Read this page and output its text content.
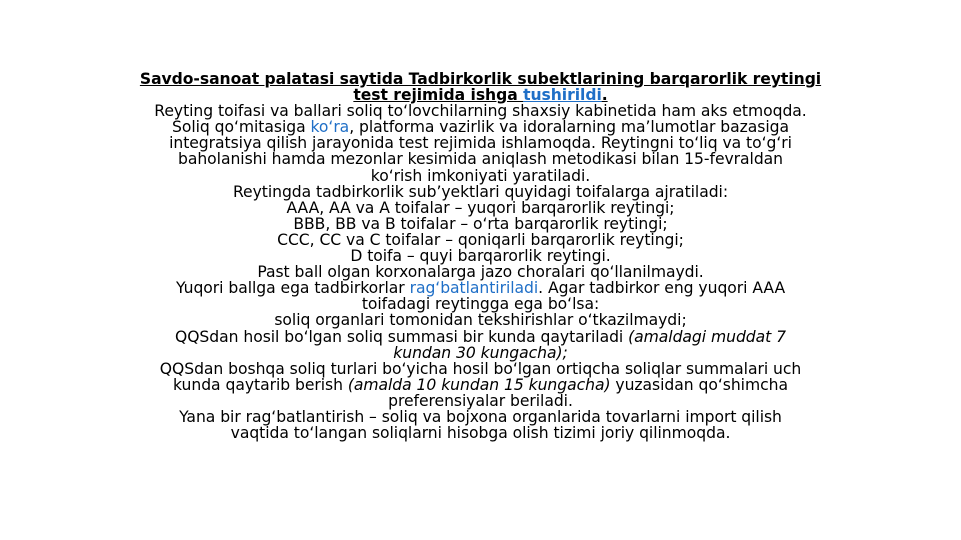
Savdo-sanoat palatasi saytida Tadbirkorlik subektlarining barqarorlik reytingi
test rejimida ishga tushirildi.
Reyting toifasi va ballari soliq to‘lovchilarning shaxsiy kabinetida ham aks etmoqda.
Soliq qo‘mitasiga ko‘ra, platforma vazirlik va idoralarning ma’lumotlar bazasiga
integratsiya qilish jarayonida test rejimida ishlamoqda. Reytingni to‘liq va to‘g‘ri
baholanishi hamda mezonlar kesimida aniqlash metodikasi bilan 15-fevraldan
ko‘rish imkoniyati yaratiladi.
Reytingda tadbirkorlik sub’yektlari quyidagi toifalarga ajratiladi:
AAA, AA va A toifalar – yuqori barqarorlik reytingi;
BBB, BB va B toifalar – o‘rta barqarorlik reytingi;
CCC, CC va C toifalar – qoniqarli barqarorlik reytingi;
D toifa – quyi barqarorlik reytingi.
Past ball olgan korxonalarga jazo choralari qo‘llanilmaydi.
Yuqori ballga ega tadbirkorlar rag‘batlantiriladi. Agar tadbirkor eng yuqori AAA
toifadagi reytingga ega bo‘lsa:
soliq organlari tomonidan tekshirishlar o‘tkazilmaydi;
QQSdan hosil bo‘lgan soliq summasi bir kunda qaytariladi (amaldagi muddat 7
kundan 30 kungacha);
QQSdan boshqa soliq turlari bo‘yicha hosil bo‘lgan ortiqcha soliqlar summalari uch
kunda qaytarib berish (amalda 10 kundan 15 kungacha) yuzasidan qo‘shimcha
preferensiyalar beriladi.
Yana bir rag‘batlantirish – soliq va bojxona organlarida tovarlarni import qilish
vaqtida to‘langan soliqlarni hisobga olish tizimi joriy qilinmoqda.
